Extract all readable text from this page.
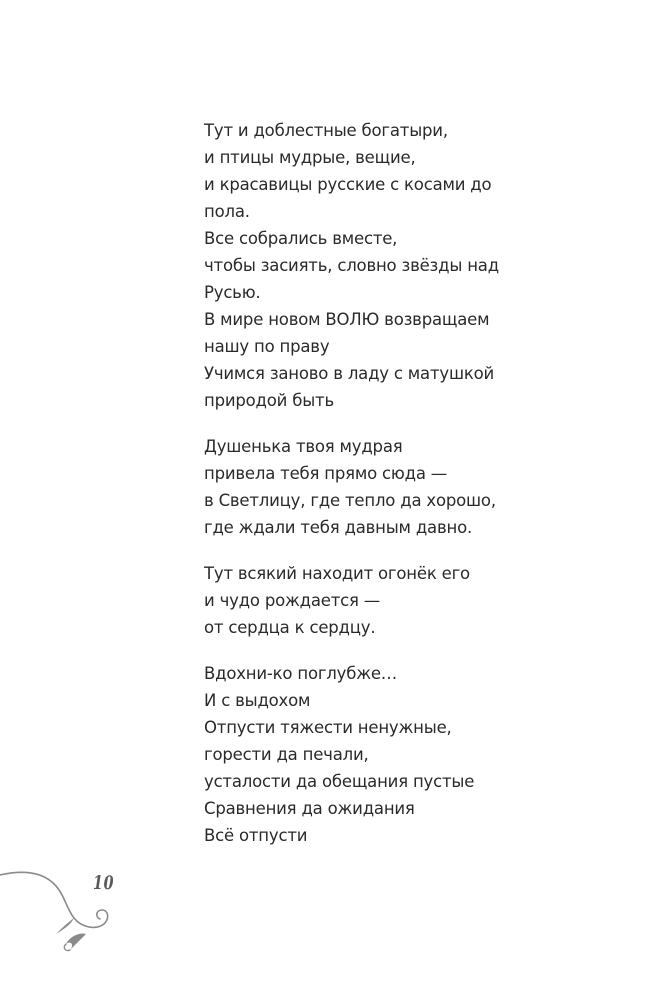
Тут и доблестные богатыри,
и птицы мудрые, вещие,
и красавицы русские с косами до
пола.
Все собрались вместе,
чтобы засиять, словно звёзды над
Русью.
В мире новом ВОЛЮ возвращаем
нашу по праву
Учимся заново в ладу с матушкой
природой быть
Душенька твоя мудрая
привела тебя прямо сюда —
в Светлицу, где тепло да хорошо,
где ждали тебя давным давно.
Тут всякий находит огонёк его
и чудо рождается —
от сердца к сердцу.
Вдохни-ко поглубже…
И с выдохом
Отпусти тяжести ненужные,
горести да печали,
усталости да обещания пустые
Сравнения да ожидания
Всё отпусти
10
